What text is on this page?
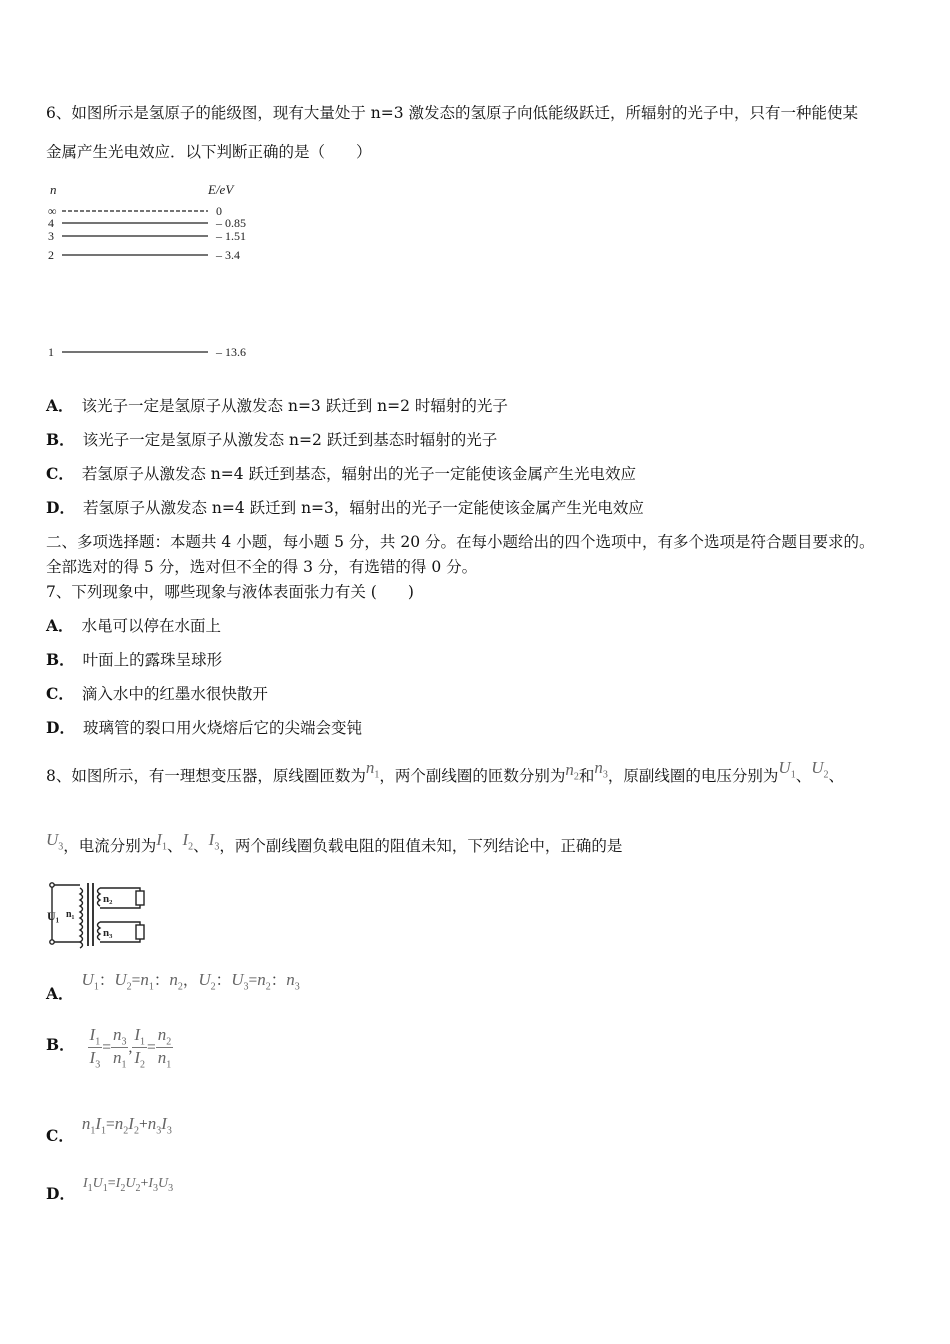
6、如图所示是氢原子的能级图，现有大量处于 n=3 激发态的氢原子向低能级跃迁，所辐射的光子中，只有一种能使某
金属产生光电效应．以下判断正确的是（　　）
n	E/eV
∞	0
4	– 0.85
3	– 1.51
2	– 3.4
1	– 13.6
A． 该光子一定是氢原子从激发态 n=3 跃迁到 n=2 时辐射的光子
B． 该光子一定是氢原子从激发态 n=2 跃迁到基态时辐射的光子
C． 若氢原子从激发态 n=4 跃迁到基态，辐射出的光子一定能使该金属产生光电效应
D． 若氢原子从激发态 n=4 跃迁到 n=3，辐射出的光子一定能使该金属产生光电效应
二、多项选择题：本题共 4 小题，每小题 5 分，共 20 分。在每小题给出的四个选项中，有多个选项是符合题目要求的。
全部选对的得 5 分，选对但不全的得 3 分，有选错的得 0 分。
7、下列现象中，哪些现象与液体表面张力有关 (　　)
A． 水黾可以停在水面上
B． 叶面上的露珠呈球形
C． 滴入水中的红墨水很快散开
D． 玻璃管的裂口用火烧熔后它的尖端会变钝
8、如图所示，有一理想变压器，原线圈匝数为$n_1$，两个副线圈的匝数分别为$n_2$和$n_3$，原副线圈的电压分别为$U_1$、$U_2$、
$U_3$，电流分别为$I_1$、$I_2$、$I_3$，两个副线圈负载电阻的阻值未知，下列结论中，正确的是
U₁ n₁
n₂
n₃
A．$U_1$：$U_2=n_1$：$n_2$，$U_2$：$U_3=n_2$：$n_3$
B． $\frac{I_1}{I_3} = \frac{n_3}{n_1}$ , $\frac{I_1}{I_2} = \frac{n_2}{n_1}$
C．$n_1I_1=n_2I_2+n_3I_3$
D．$I_1U_1=I_2U_2+I_3U_3$
